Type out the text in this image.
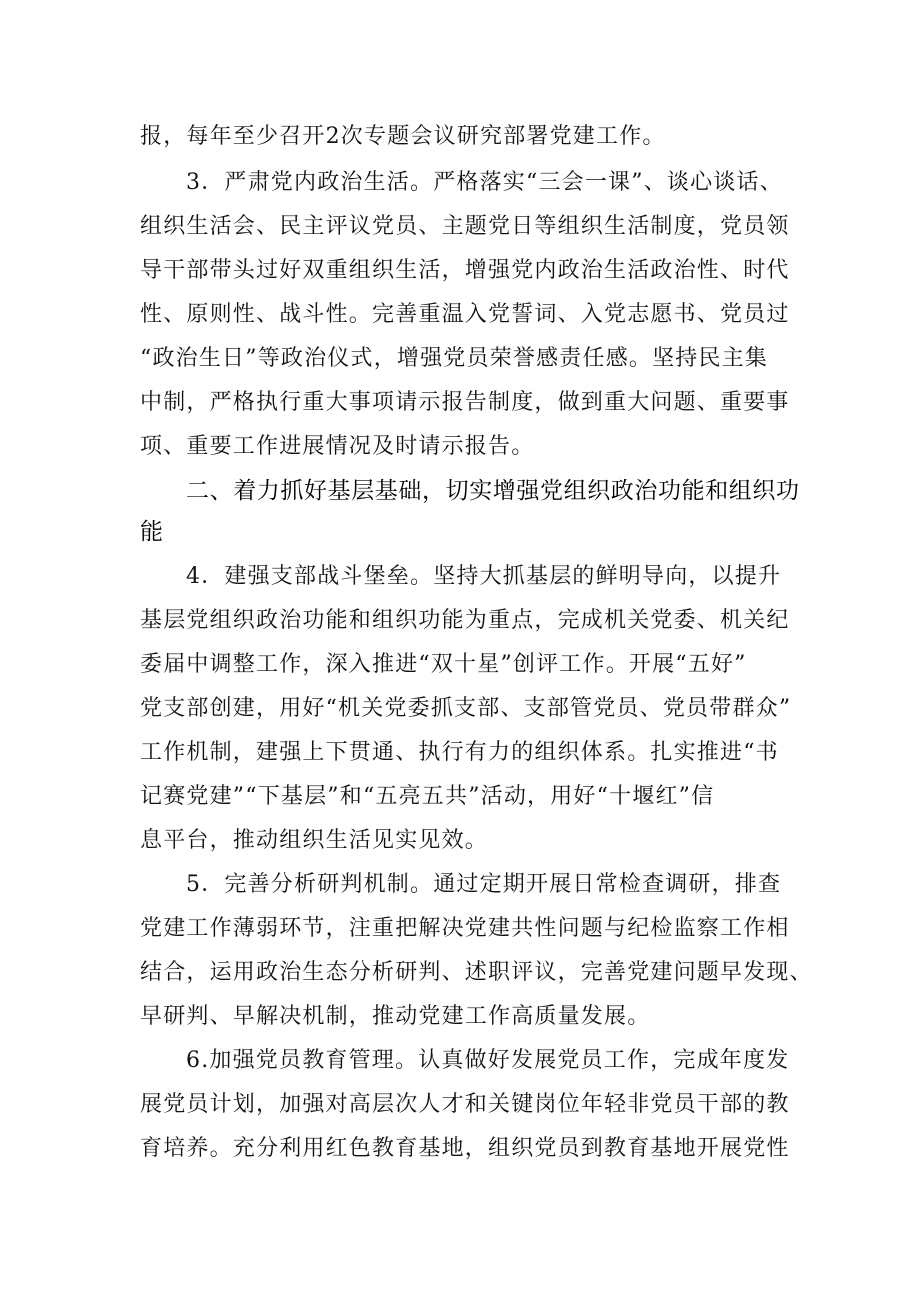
报，每年至少召开2次专题会议研究部署党建工作。
3．严肃党内政治生活。严格落实“三会一课”、谈心谈话、
组织生活会、民主评议党员、主题党日等组织生活制度，党员领
导干部带头过好双重组织生活，增强党内政治生活政治性、时代
性、原则性、战斗性。完善重温入党誓词、入党志愿书、党员过
“政治生日”等政治仪式，增强党员荣誉感责任感。坚持民主集
中制，严格执行重大事项请示报告制度，做到重大问题、重要事
项、重要工作进展情况及时请示报告。
二、着力抓好基层基础，切实增强党组织政治功能和组织功
能
4．建强支部战斗堡垒。坚持大抓基层的鲜明导向，以提升
基层党组织政治功能和组织功能为重点，完成机关党委、机关纪
委届中调整工作，深入推进“双十星”创评工作。开展“五好”
党支部创建，用好“机关党委抓支部、支部管党员、党员带群众”
工作机制，建强上下贯通、执行有力的组织体系。扎实推进“书
记赛党建”“下基层”和“五亮五共”活动，用好“十堰红”信
息平台，推动组织生活见实见效。
5．完善分析研判机制。通过定期开展日常检查调研，排查
党建工作薄弱环节，注重把解决党建共性问题与纪检监察工作相
结合，运用政治生态分析研判、述职评议，完善党建问题早发现、
早研判、早解决机制，推动党建工作高质量发展。
6.加强党员教育管理。认真做好发展党员工作，完成年度发
展党员计划，加强对高层次人才和关键岗位年轻非党员干部的教
育培养。充分利用红色教育基地，组织党员到教育基地开展党性
